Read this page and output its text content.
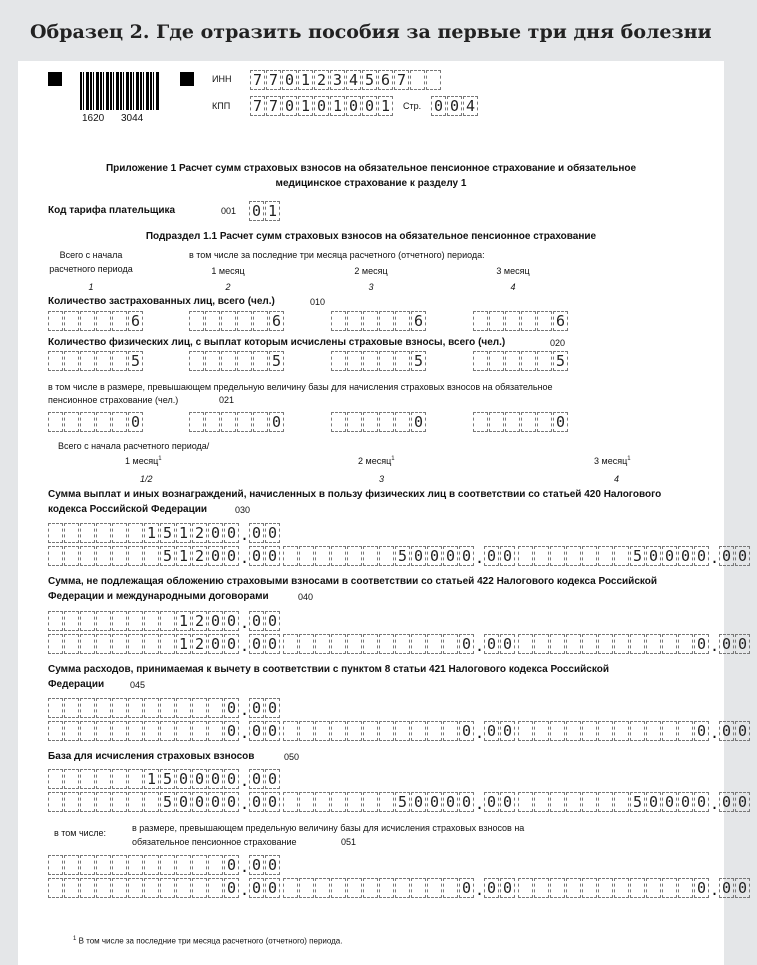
Образец 2. Где отразить пособия за первые три дня болезни
1620 3044
ИНН 7 7 0 1 2 3 4 5 6 7
КПП 7 7 0 1 0 1 0 0 1	Стр. 0 0 4
Приложение 1 Расчет сумм страховых взносов на обязательное пенсионное страхование и обязательное
медицинское страхование к разделу 1
Код тарифа плательщика	001 0 1
Подраздел 1.1 Расчет сумм страховых взносов на обязательное пенсионное страхование
Всего с начала
расчетного периода
в том числе за последние три месяца расчетного (отчетного) периода:
1 месяц	2 месяц	3 месяц
1	2	3	4
Количество застрахованных лиц, всего (чел.)	010
6	6	6	6
Количество физических лиц, с выплат которым исчислены страховые взносы, всего (чел.)	020
5	5	5	5
в том числе в размере, превышающем предельную величину базы для начисления страховых взносов на обязательное
пенсионное страхование (чел.)	021
0	0	0	0
Всего с начала расчетного периода/
1 месяц$^1$	2 месяц$^1$	3 месяц$^1$
1/2	3	4
Сумма выплат и иных вознаграждений, начисленных в пользу физических лиц в соответствии со статьей 420 Налогового
кодекса Российской Федерации	030
1 5 1 2 0 0 . 0 0
5 1 2 0 0 . 0 0	5 0 0 0 0 . 0 0	5 0 0 0 0 . 0 0
Сумма, не подлежащая обложению страховыми взносами в соответствии со статьей 422 Налогового кодекса Российской
Федерации и международными договорами	040
1 2 0 0 . 0 0
1 2 0 0 . 0 0	0 . 0 0	0 . 0 0
Сумма расходов, принимаемая к вычету в соответствии с пунктом 8 статьи 421 Налогового кодекса Российской
Федерации	045
0 . 0 0
0 . 0 0	0 . 0 0	0 . 0 0
База для исчисления страховых взносов	050
1 5 0 0 0 0 . 0 0
5 0 0 0 0 . 0 0	5 0 0 0 0 . 0 0	5 0 0 0 0 . 0 0
в том числе:	в размере, превышающем предельную величину базы для исчисления страховых взносов на
обязательное пенсионное страхование	051
0 . 0 0
0 . 0 0	0 . 0 0	0 . 0 0
$^1$ В том числе за последние три месяца расчетного (отчетного) периода.
